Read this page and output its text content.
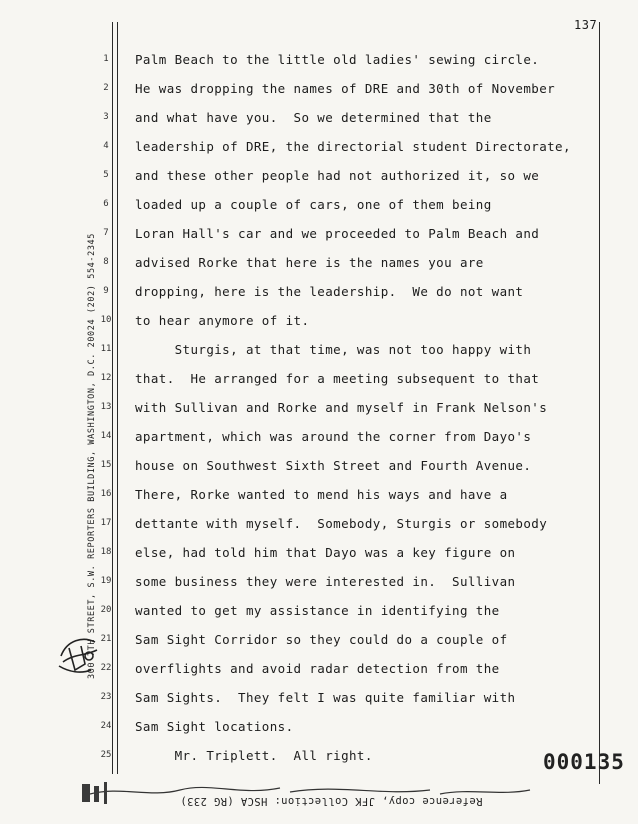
137
300 7TH STREET, S.W. REPORTERS BUILDING, WASHINGTON, D.C. 20024 (202) 554-2345
1	Palm Beach to the little old ladies' sewing circle.
2	He was dropping the names of DRE and 30th of November
3	and what have you.  So we determined that the
4	leadership of DRE, the directorial student Directorate,
5	and these other people had not authorized it, so we
6	loaded up a couple of cars, one of them being
7	Loran Hall's car and we proceeded to Palm Beach and
8	advised Rorke that here is the names you are
9	dropping, here is the leadership.  We do not want
10 to hear anymore of it.
11 Sturgis, at that time, was not too happy with
12 that.  He arranged for a meeting subsequent to that
13 with Sullivan and Rorke and myself in Frank Nelson's
14 apartment, which was around the corner from Dayo's
15 house on Southwest Sixth Street and Fourth Avenue.
16 There, Rorke wanted to mend his ways and have a
17 dettante with myself.  Somebody, Sturgis or somebody
18 else, had told him that Dayo was a key figure on
19 some business they were interested in.  Sullivan
20 wanted to get my assistance in identifying the
21 Sam Sight Corridor so they could do a couple of
22 overflights and avoid radar detection from the
23 Sam Sights.  They felt I was quite familiar with
24 Sam Sight locations.
25 Mr. Triplett.  All right.	000135
Reference copy, JFK Collection: HSCA (RG 233)
